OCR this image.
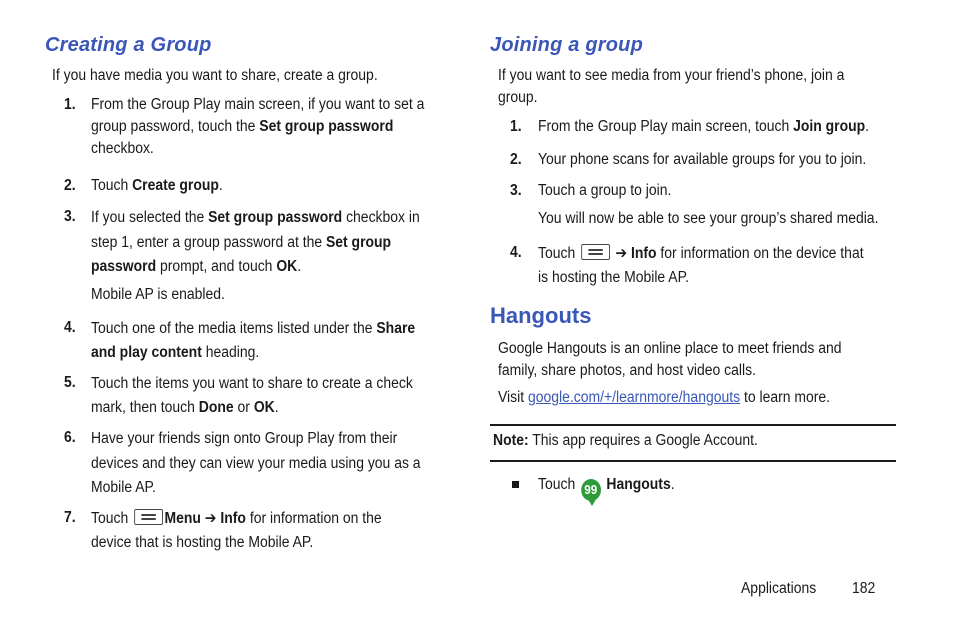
Creating a Group
If you have media you want to share, create a group.
1. From the Group Play main screen, if you want to set a
group password, touch the Set group password
checkbox.
2. Touch Create group.
3. If you selected the Set group password checkbox in
step 1, enter a group password at the Set group
password prompt, and touch OK.
Mobile AP is enabled.
4. Touch one of the media items listed under the Share
and play content heading.
5. Touch the items you want to share to create a check
mark, then touch Done or OK.
6. Have your friends sign onto Group Play from their
devices and they can view your media using you as a
Mobile AP.
7. Touch Menu ➔ Info for information on the
device that is hosting the Mobile AP.
Joining a group
If you want to see media from your friend’s phone, join a
group.
1. From the Group Play main screen, touch Join group.
2. Your phone scans for available groups for you to join.
3. Touch a group to join.
You will now be able to see your group’s shared media.
4. Touch  ➔ Info for information on the device that
is hosting the Mobile AP.
Hangouts
Google Hangouts is an online place to meet friends and
family, share photos, and host video calls.
Visit google.com/+/learnmore/hangouts to learn more.
Note: This app requires a Google Account.
Touch 99 Hangouts.
Applications 182
